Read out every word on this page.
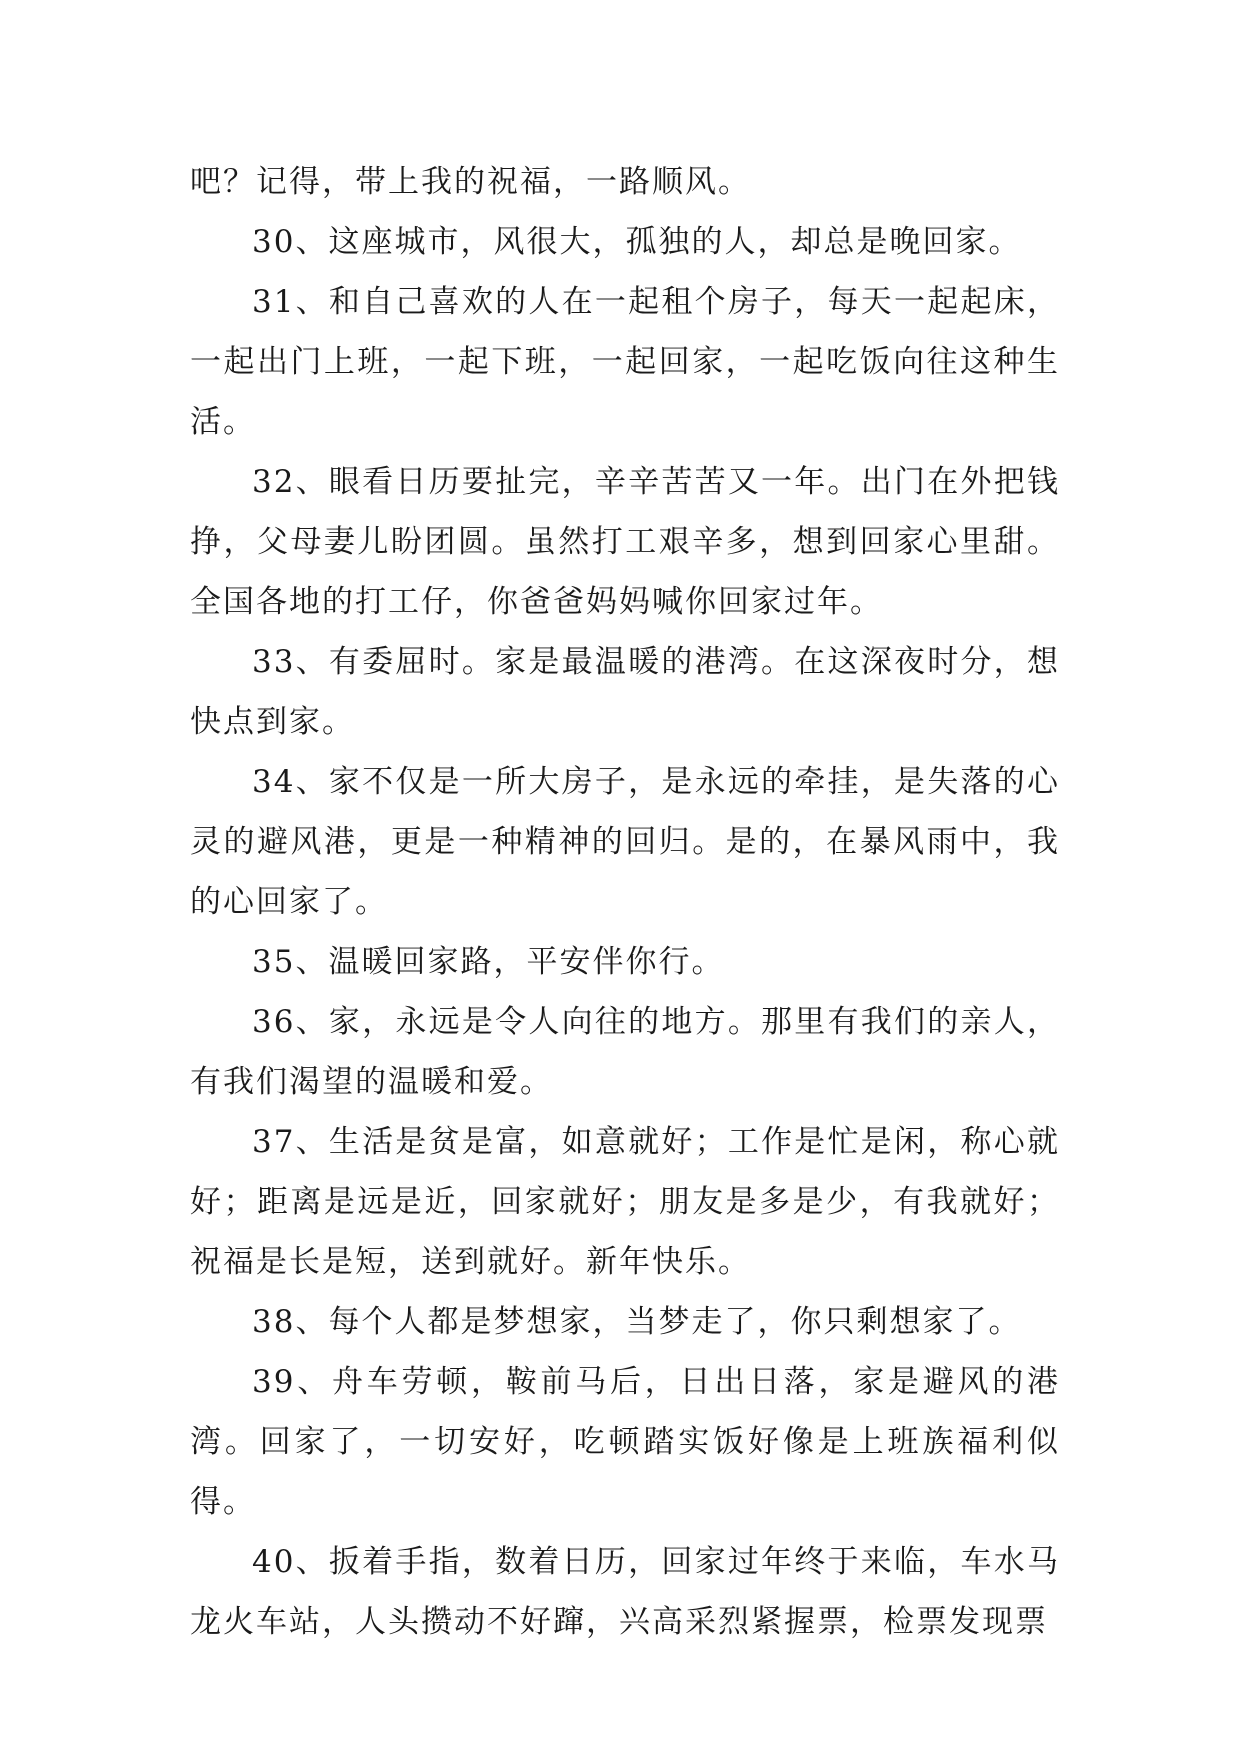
吧？记得，带上我的祝福，一路顺风。

30、这座城市，风很大，孤独的人，却总是晚回家。

31、和自己喜欢的人在一起租个房子，每天一起起床，一起出门上班，一起下班，一起回家，一起吃饭向往这种生活。

32、眼看日历要扯完，辛辛苦苦又一年。出门在外把钱挣，父母妻儿盼团圆。虽然打工艰辛多，想到回家心里甜。全国各地的打工仔，你爸爸妈妈喊你回家过年。

33、有委屈时。家是最温暖的港湾。在这深夜时分，想快点到家。

34、家不仅是一所大房子，是永远的牵挂，是失落的心灵的避风港，更是一种精神的回归。是的，在暴风雨中，我的心回家了。

35、温暖回家路，平安伴你行。

36、家，永远是令人向往的地方。那里有我们的亲人，有我们渴望的温暖和爱。

37、生活是贫是富，如意就好；工作是忙是闲，称心就好；距离是远是近，回家就好；朋友是多是少，有我就好；祝福是长是短，送到就好。新年快乐。

38、每个人都是梦想家，当梦走了，你只剩想家了。

39、舟车劳顿，鞍前马后，日出日落，家是避风的港湾。回家了，一切安好，吃顿踏实饭好像是上班族福利似得。

40、扳着手指，数着日历，回家过年终于来临，车水马龙火车站，人头攒动不好蹿，兴高采烈紧握票，检票发现票
